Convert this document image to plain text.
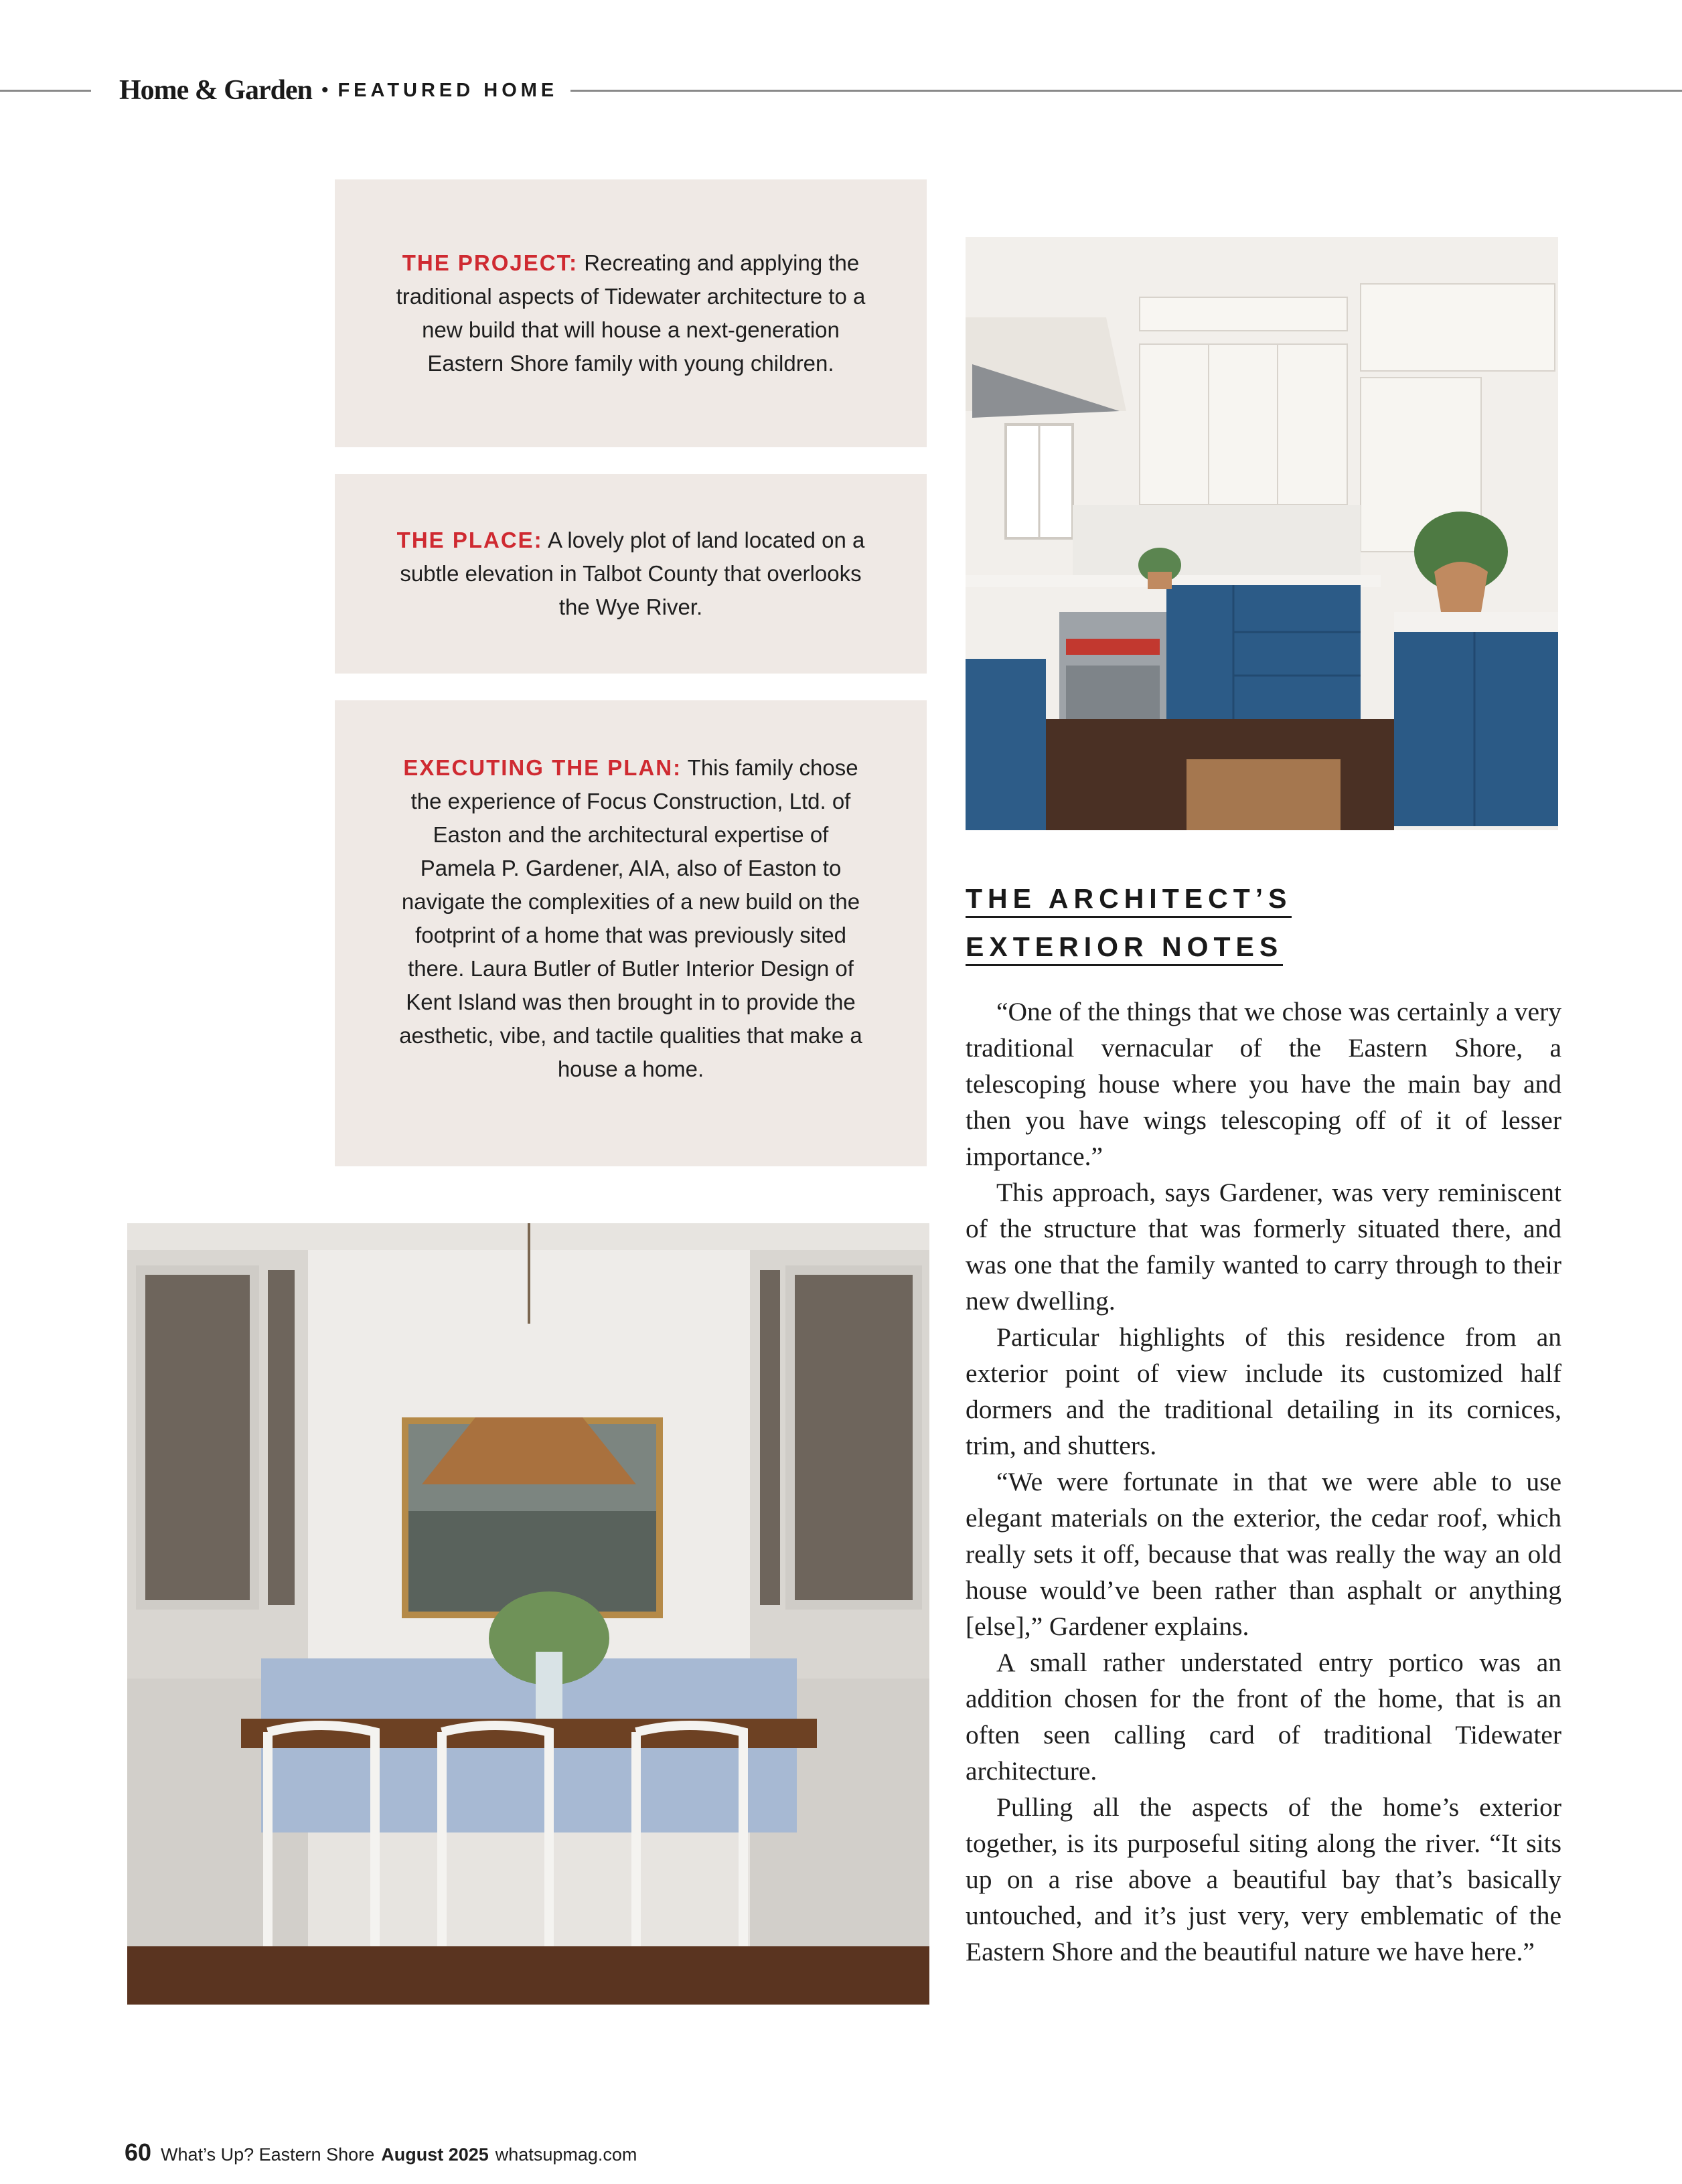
Home & Garden • FEATURED HOME

THE PROJECT: Recreating and applying the traditional aspects of Tidewater architecture to a new build that will house a next-generation Eastern Shore family with young children.

THE PLACE: A lovely plot of land located on a subtle elevation in Talbot County that overlooks the Wye River.

EXECUTING THE PLAN: This family chose the experience of Focus Construction, Ltd. of Easton and the architectural expertise of Pamela P. Gardener, AIA, also of Easton to navigate the complexities of a new build on the footprint of a home that was previously sited there. Laura Butler of Butler Interior Design of Kent Island was then brought in to provide the aesthetic, vibe, and tactile qualities that make a house a home.

THE ARCHITECT’S
EXTERIOR NOTES

“One of the things that we chose was certainly a very traditional vernacular of the Eastern Shore, a telescoping house where you have the main bay and then you have wings telescoping off of it of lesser importance.”

This approach, says Gardener, was very reminiscent of the structure that was formerly situated there, and was one that the family wanted to carry through to their new dwelling.

Particular highlights of this residence from an exterior point of view include its customized half dormers and the traditional detailing in its cornices, trim, and shutters.

“We were fortunate in that we were able to use elegant materials on the exterior, the cedar roof, which really sets it off, because that was really the way an old house would’ve been rather than asphalt or anything [else],” Gardener explains.

A small rather understated entry portico was an addition chosen for the front of the home, that is an often seen calling card of traditional Tidewater architecture.

Pulling all the aspects of the home’s exterior together, is its purposeful siting along the river. “It sits up on a rise above a beautiful bay that’s basically untouched, and it’s just very, very emblematic of the Eastern Shore and the beautiful nature we have here.”

60 What’s Up? Eastern Shore August 2025 whatsupmag.com
